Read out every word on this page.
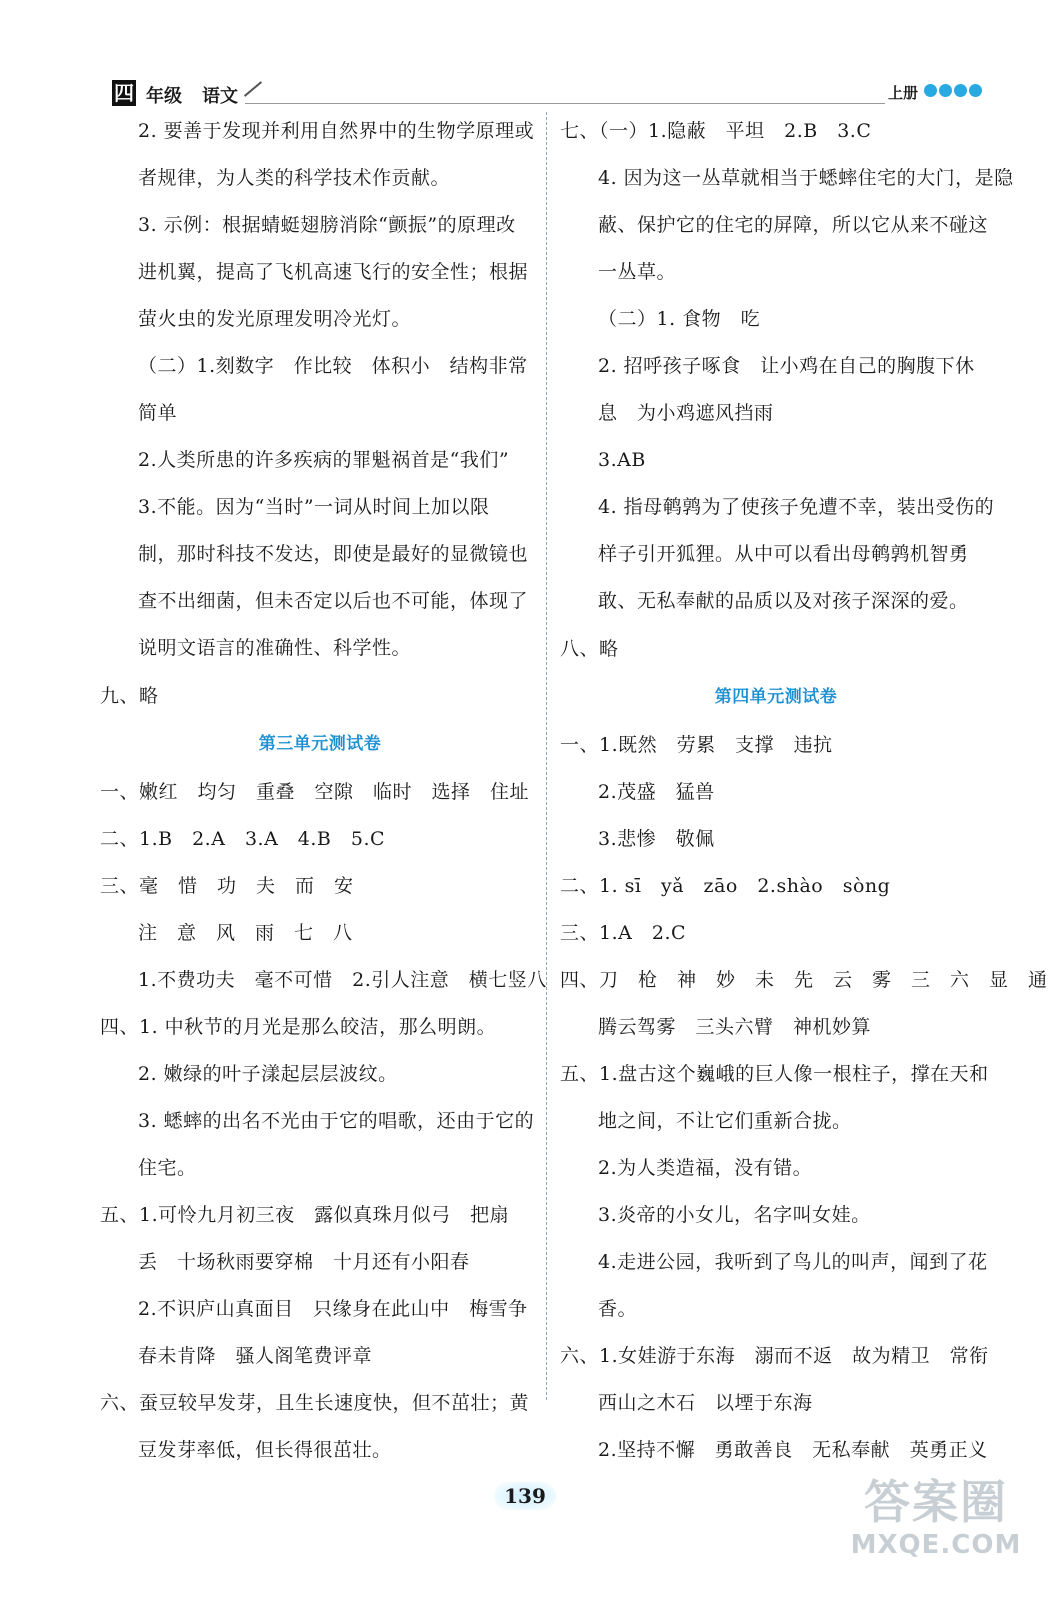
四 年级 语文	上册
2. 要善于发现并利用自然界中的生物学原理或
者规律，为人类的科学技术作贡献。
3. 示例：根据蜻蜓翅膀消除“颤振”的原理改
进机翼，提高了飞机高速飞行的安全性；根据
萤火虫的发光原理发明冷光灯。
（二）1.刻数字　作比较　体积小　结构非常
简单
2.人类所患的许多疾病的罪魁祸首是“我们”
3.不能。因为“当时”一词从时间上加以限
制，那时科技不发达，即使是最好的显微镜也
查不出细菌，但未否定以后也不可能，体现了
说明文语言的准确性、科学性。
九、略
第三单元测试卷
一、嫩红　均匀　重叠　空隙　临时　选择　住址
二、1.B　2.A　3.A　4.B　5.C
三、毫　惜　功　夫　而　安
注　意　风　雨　七　八
1.不费功夫　毫不可惜　2.引人注意　横七竖八
四、1. 中秋节的月光是那么皎洁，那么明朗。
2. 嫩绿的叶子漾起层层波纹。
3. 蟋蟀的出名不光由于它的唱歌，还由于它的
住宅。
五、1.可怜九月初三夜　露似真珠月似弓　把扇
丢　十场秋雨要穿棉　十月还有小阳春
2.不识庐山真面目　只缘身在此山中　梅雪争
春未肯降　骚人阁笔费评章
六、蚕豆较早发芽，且生长速度快，但不茁壮；黄
豆发芽率低，但长得很茁壮。
七、（一）1.隐蔽　平坦　2.B　3.C
4. 因为这一丛草就相当于蟋蟀住宅的大门，是隐
蔽、保护它的住宅的屏障，所以它从来不碰这
一丛草。
（二）1. 食物　吃
2. 招呼孩子啄食　让小鸡在自己的胸腹下休
息　为小鸡遮风挡雨
3.AB
4. 指母鹌鹑为了使孩子免遭不幸，装出受伤的
样子引开狐狸。从中可以看出母鹌鹑机智勇
敢、无私奉献的品质以及对孩子深深的爱。
八、略
第四单元测试卷
一、1.既然　劳累　支撑　违抗
2.茂盛　猛兽
3.悲惨　敬佩
二、1. sī　yǎ　zāo　2.shào　sòng
三、1.A　2.C
四、刀　枪　神　妙　未　先　云　雾　三　六　显　通
腾云驾雾　三头六臂　神机妙算
五、1.盘古这个巍峨的巨人像一根柱子，撑在天和
地之间，不让它们重新合拢。
2.为人类造福，没有错。
3.炎帝的小女儿，名字叫女娃。
4.走进公园，我听到了鸟儿的叫声，闻到了花
香。
六、1.女娃游于东海　溺而不返　故为精卫　常衔
西山之木石　以堙于东海
2.坚持不懈　勇敢善良　无私奉献　英勇正义
139	答案圈
MXQE.COM
